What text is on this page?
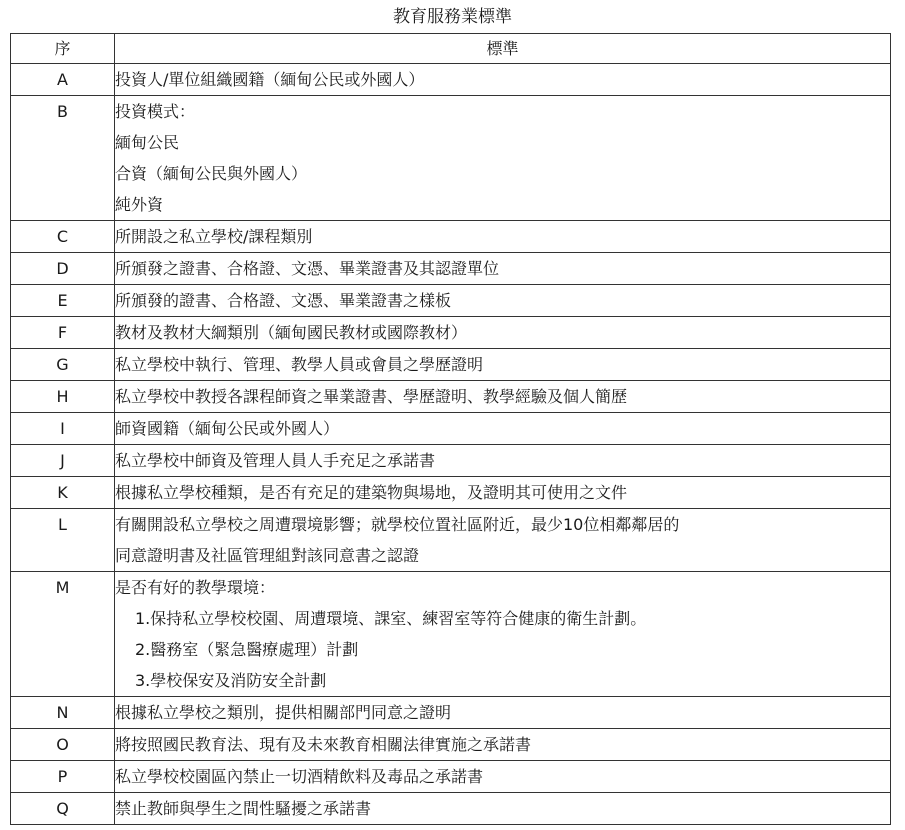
教育服務業標準
序	標準
A	投資人/單位組織國籍（緬甸公民或外國人）

B	投資模式：
緬甸公民
合資（緬甸公民與外國人）
純外資

C	所開設之私立學校/課程類別

D	所頒發之證書、合格證、文憑、畢業證書及其認證單位

E	所頒發的證書、合格證、文憑、畢業證書之樣板

F	教材及教材大綱類別（緬甸國民教材或國際教材）

G	私立學校中執行、管理、教學人員或會員之學歷證明

H	私立學校中教授各課程師資之畢業證書、學歷證明、教學經驗及個人簡歷

I	師資國籍（緬甸公民或外國人）

J	私立學校中師資及管理人員人手充足之承諾書

K	根據私立學校種類，是否有充足的建築物與場地，及證明其可使用之文件

L	有關開設私立學校之周遭環境影響；就學校位置社區附近，最少10位相鄰鄰居的
同意證明書及社區管理組對該同意書之認證

M	是否有好的教學環境：
1.保持私立學校校園、周遭環境、課室、練習室等符合健康的衛生計劃。
2.醫務室（緊急醫療處理）計劃
3.學校保安及消防安全計劃

N	根據私立學校之類別，提供相關部門同意之證明

O	將按照國民教育法、現有及未來教育相關法律實施之承諾書

P	私立學校校園區內禁止一切酒精飲料及毒品之承諾書

Q	禁止教師與學生之間性騷擾之承諾書
